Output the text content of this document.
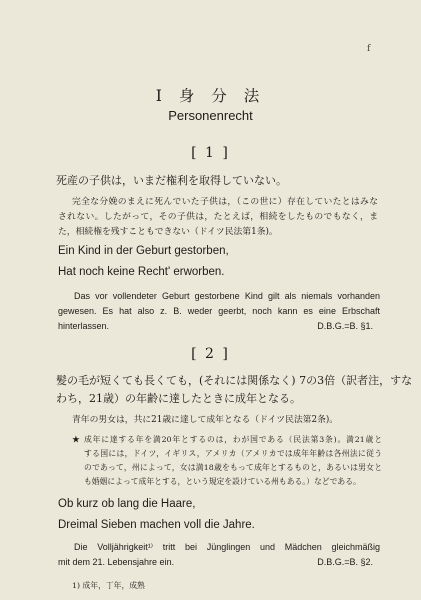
f
I 身 分 法
Personenrecht
[ 1 ]
死産の子供は，いまだ権利を取得していない。
完全な分娩のまえに死んでいた子供は，（この世に）存在していたとはみな
されない。したがって，その子供は，たとえば，相続をしたものでもなく，ま
た，相続権を残すこともできない（ドイツ民法第1条)。
Ein Kind in der Geburt gestorben,
Hat noch keine Recht' erworben.
Das vor vollendeter Geburt gestorbene Kind gilt als niemals vorhanden
gewesen. Es hat also z. B. weder geerbt, noch kann es eine Erbschaft
hinterlassen.	D.B.G.=B. §1.
[ 2 ]
髪の毛が短くても長くても，(それには関係なく) 7の3倍（訳者注，すな
わち，21歳）の年齢に達したときに成年となる。
青年の男女は，共に21歳に達して成年となる（ドイツ民法第2条)。
★ 成年に達する年を満20年とするのは，わが国である（民法第3条)。満21歳と
する国には，ドイツ，イギリス，アメリカ（アメリカでは成年年齢は各州法に従う
のであって，州によって，女は満18歳をもって成年とするものと，あるいは男女と
も婚姻によって成年とする，という規定を設けている州もある。）などである。
Ob kurz ob lang die Haare,
Dreimal Sieben machen voll die Jahre.
Die Volljährigkeit¹⁾ tritt bei Jünglingen und Mädchen gleichmäßig
mit dem 21. Lebensjahre ein.	D.B.G.=B. §2.
1) 成年，丁年，成熟
